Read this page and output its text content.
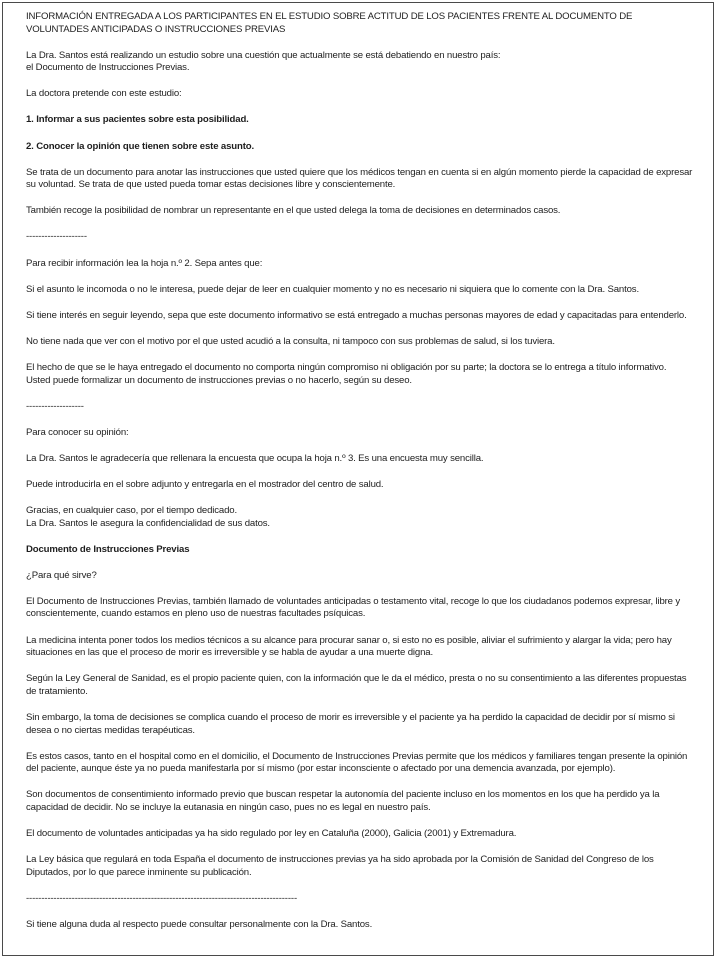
INFORMACIÓN ENTREGADA A LOS PARTICIPANTES EN EL ESTUDIO SOBRE ACTITUD DE LOS PACIENTES FRENTE AL DOCUMENTO DE VOLUNTADES ANTICIPADAS O INSTRUCCIONES PREVIAS

La Dra. Santos está realizando un estudio sobre una cuestión que actualmente se está debatiendo en nuestro país:
el Documento de Instrucciones Previas.

La doctora pretende con este estudio:

1. Informar a sus pacientes sobre esta posibilidad.

2. Conocer la opinión que tienen sobre este asunto.

Se trata de un documento para anotar las instrucciones que usted quiere que los médicos tengan en cuenta si en algún momento pierde la capacidad de expresar su voluntad. Se trata de que usted pueda tomar estas decisiones libre y conscientemente.

También recoge la posibilidad de nombrar un representante en el que usted delega la toma de decisiones en determinados casos.

--------------------

Para recibir información lea la hoja n.º 2. Sepa antes que:

Si el asunto le incomoda o no le interesa, puede dejar de leer en cualquier momento y no es necesario ni siquiera que lo comente con la Dra. Santos.

Si tiene interés en seguir leyendo, sepa que este documento informativo se está entregado a muchas personas mayores de edad y capacitadas para entenderlo.

No tiene nada que ver con el motivo por el que usted acudió a la consulta, ni tampoco con sus problemas de salud, si los tuviera.

El hecho de que se le haya entregado el documento no comporta ningún compromiso ni obligación por su parte; la doctora se lo entrega a título informativo. Usted puede formalizar un documento de instrucciones previas o no hacerlo, según su deseo.

-------------------

Para conocer su opinión:

La Dra. Santos le agradecería que rellenara la encuesta que ocupa la hoja n.º 3. Es una encuesta muy sencilla.

Puede introducirla en el sobre adjunto y entregarla en el mostrador del centro de salud.

Gracias, en cualquier caso, por el tiempo dedicado.
La Dra. Santos le asegura la confidencialidad de sus datos.

Documento de Instrucciones Previas

¿Para qué sirve?

El Documento de Instrucciones Previas, también llamado de voluntades anticipadas o testamento vital, recoge lo que los ciudadanos podemos expresar, libre y conscientemente, cuando estamos en pleno uso de nuestras facultades psíquicas.

La medicina intenta poner todos los medios técnicos a su alcance para procurar sanar o, si esto no es posible, aliviar el sufrimiento y alargar la vida; pero hay situaciones en las que el proceso de morir es irreversible y se habla de ayudar a una muerte digna.

Según la Ley General de Sanidad, es el propio paciente quien, con la información que le da el médico, presta o no su consentimiento a las diferentes propuestas de tratamiento.

Sin embargo, la toma de decisiones se complica cuando el proceso de morir es irreversible y el paciente ya ha perdido la capacidad de decidir por sí mismo si desea o no ciertas medidas terapéuticas.

Es estos casos, tanto en el hospital como en el domicilio, el Documento de Instrucciones Previas permite que los médicos y familiares tengan presente la opinión del paciente, aunque éste ya no pueda manifestarla por sí mismo (por estar inconsciente o afectado por una demencia avanzada, por ejemplo).

Son documentos de consentimiento informado previo que buscan respetar la autonomía del paciente incluso en los momentos en los que ha perdido ya la capacidad de decidir. No se incluye la eutanasia en ningún caso, pues no es legal en nuestro país.

El documento de voluntades anticipadas ya ha sido regulado por ley en Cataluña (2000), Galicia (2001) y Extremadura.

La Ley básica que regulará en toda España el documento de instrucciones previas ya ha sido aprobada por la Comisión de Sanidad del Congreso de los Diputados, por lo que parece inminente su publicación.

-----------------------------------------------------------------------------------------

Si tiene alguna duda al respecto puede consultar personalmente con la Dra. Santos.
